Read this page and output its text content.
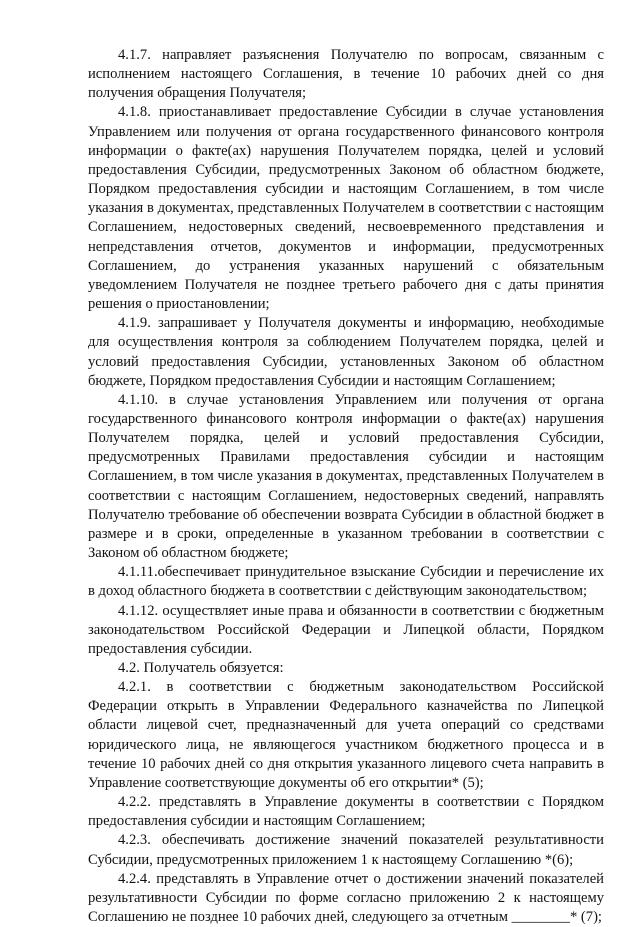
4.1.7. направляет разъяснения Получателю по вопросам, связанным с исполнением настоящего Соглашения, в течение 10 рабочих дней со дня получения обращения Получателя;

4.1.8. приостанавливает предоставление Субсидии в случае установления Управлением или получения от органа государственного финансового контроля информации о факте(ах) нарушения Получателем порядка, целей и условий предоставления Субсидии, предусмотренных Законом об областном бюджете, Порядком предоставления субсидии и настоящим Соглашением, в том числе указания в документах, представленных Получателем в соответствии с настоящим Соглашением, недостоверных сведений, несвоевременного представления и непредставления отчетов, документов и информации, предусмотренных Соглашением, до устранения указанных нарушений с обязательным уведомлением Получателя не позднее третьего рабочего дня с даты принятия решения о приостановлении;

4.1.9. запрашивает у Получателя документы и информацию, необходимые для осуществления контроля за соблюдением Получателем порядка, целей и условий предоставления Субсидии, установленных Законом об областном бюджете, Порядком предоставления Субсидии и настоящим Соглашением;

4.1.10. в случае установления Управлением или получения от органа государственного финансового контроля информации о факте(ах) нарушения Получателем порядка, целей и условий предоставления Субсидии, предусмотренных Правилами предоставления субсидии и настоящим Соглашением, в том числе указания в документах, представленных Получателем в соответствии с настоящим Соглашением, недостоверных сведений, направлять Получателю требование об обеспечении возврата Субсидии в областной бюджет в размере и в сроки, определенные в указанном требовании в соответствии с Законом об областном бюджете;

4.1.11.обеспечивает принудительное взыскание Субсидии и перечисление их в доход областного бюджета в соответствии с действующим законодательством;

4.1.12. осуществляет иные права и обязанности в соответствии с бюджетным законодательством Российской Федерации и Липецкой области, Порядком предоставления субсидии.

4.2. Получатель обязуется:

4.2.1. в соответствии с бюджетным законодательством Российской Федерации открыть в Управлении Федерального казначейства по Липецкой области лицевой счет, предназначенный для учета операций со средствами юридического лица, не являющегося участником бюджетного процесса и в течение 10 рабочих дней со дня открытия указанного лицевого счета направить в Управление соответствующие документы об его открытии* (5);

4.2.2. представлять в Управление документы в соответствии с Порядком предоставления субсидии и настоящим Соглашением;

4.2.3. обеспечивать достижение значений показателей результативности Субсидии, предусмотренных приложением 1 к настоящему Соглашению *(6);

4.2.4. представлять в Управление отчет о достижении значений показателей результативности Субсидии по форме согласно приложению 2 к настоящему Соглашению не позднее 10 рабочих дней, следующего за отчетным ________* (7);
